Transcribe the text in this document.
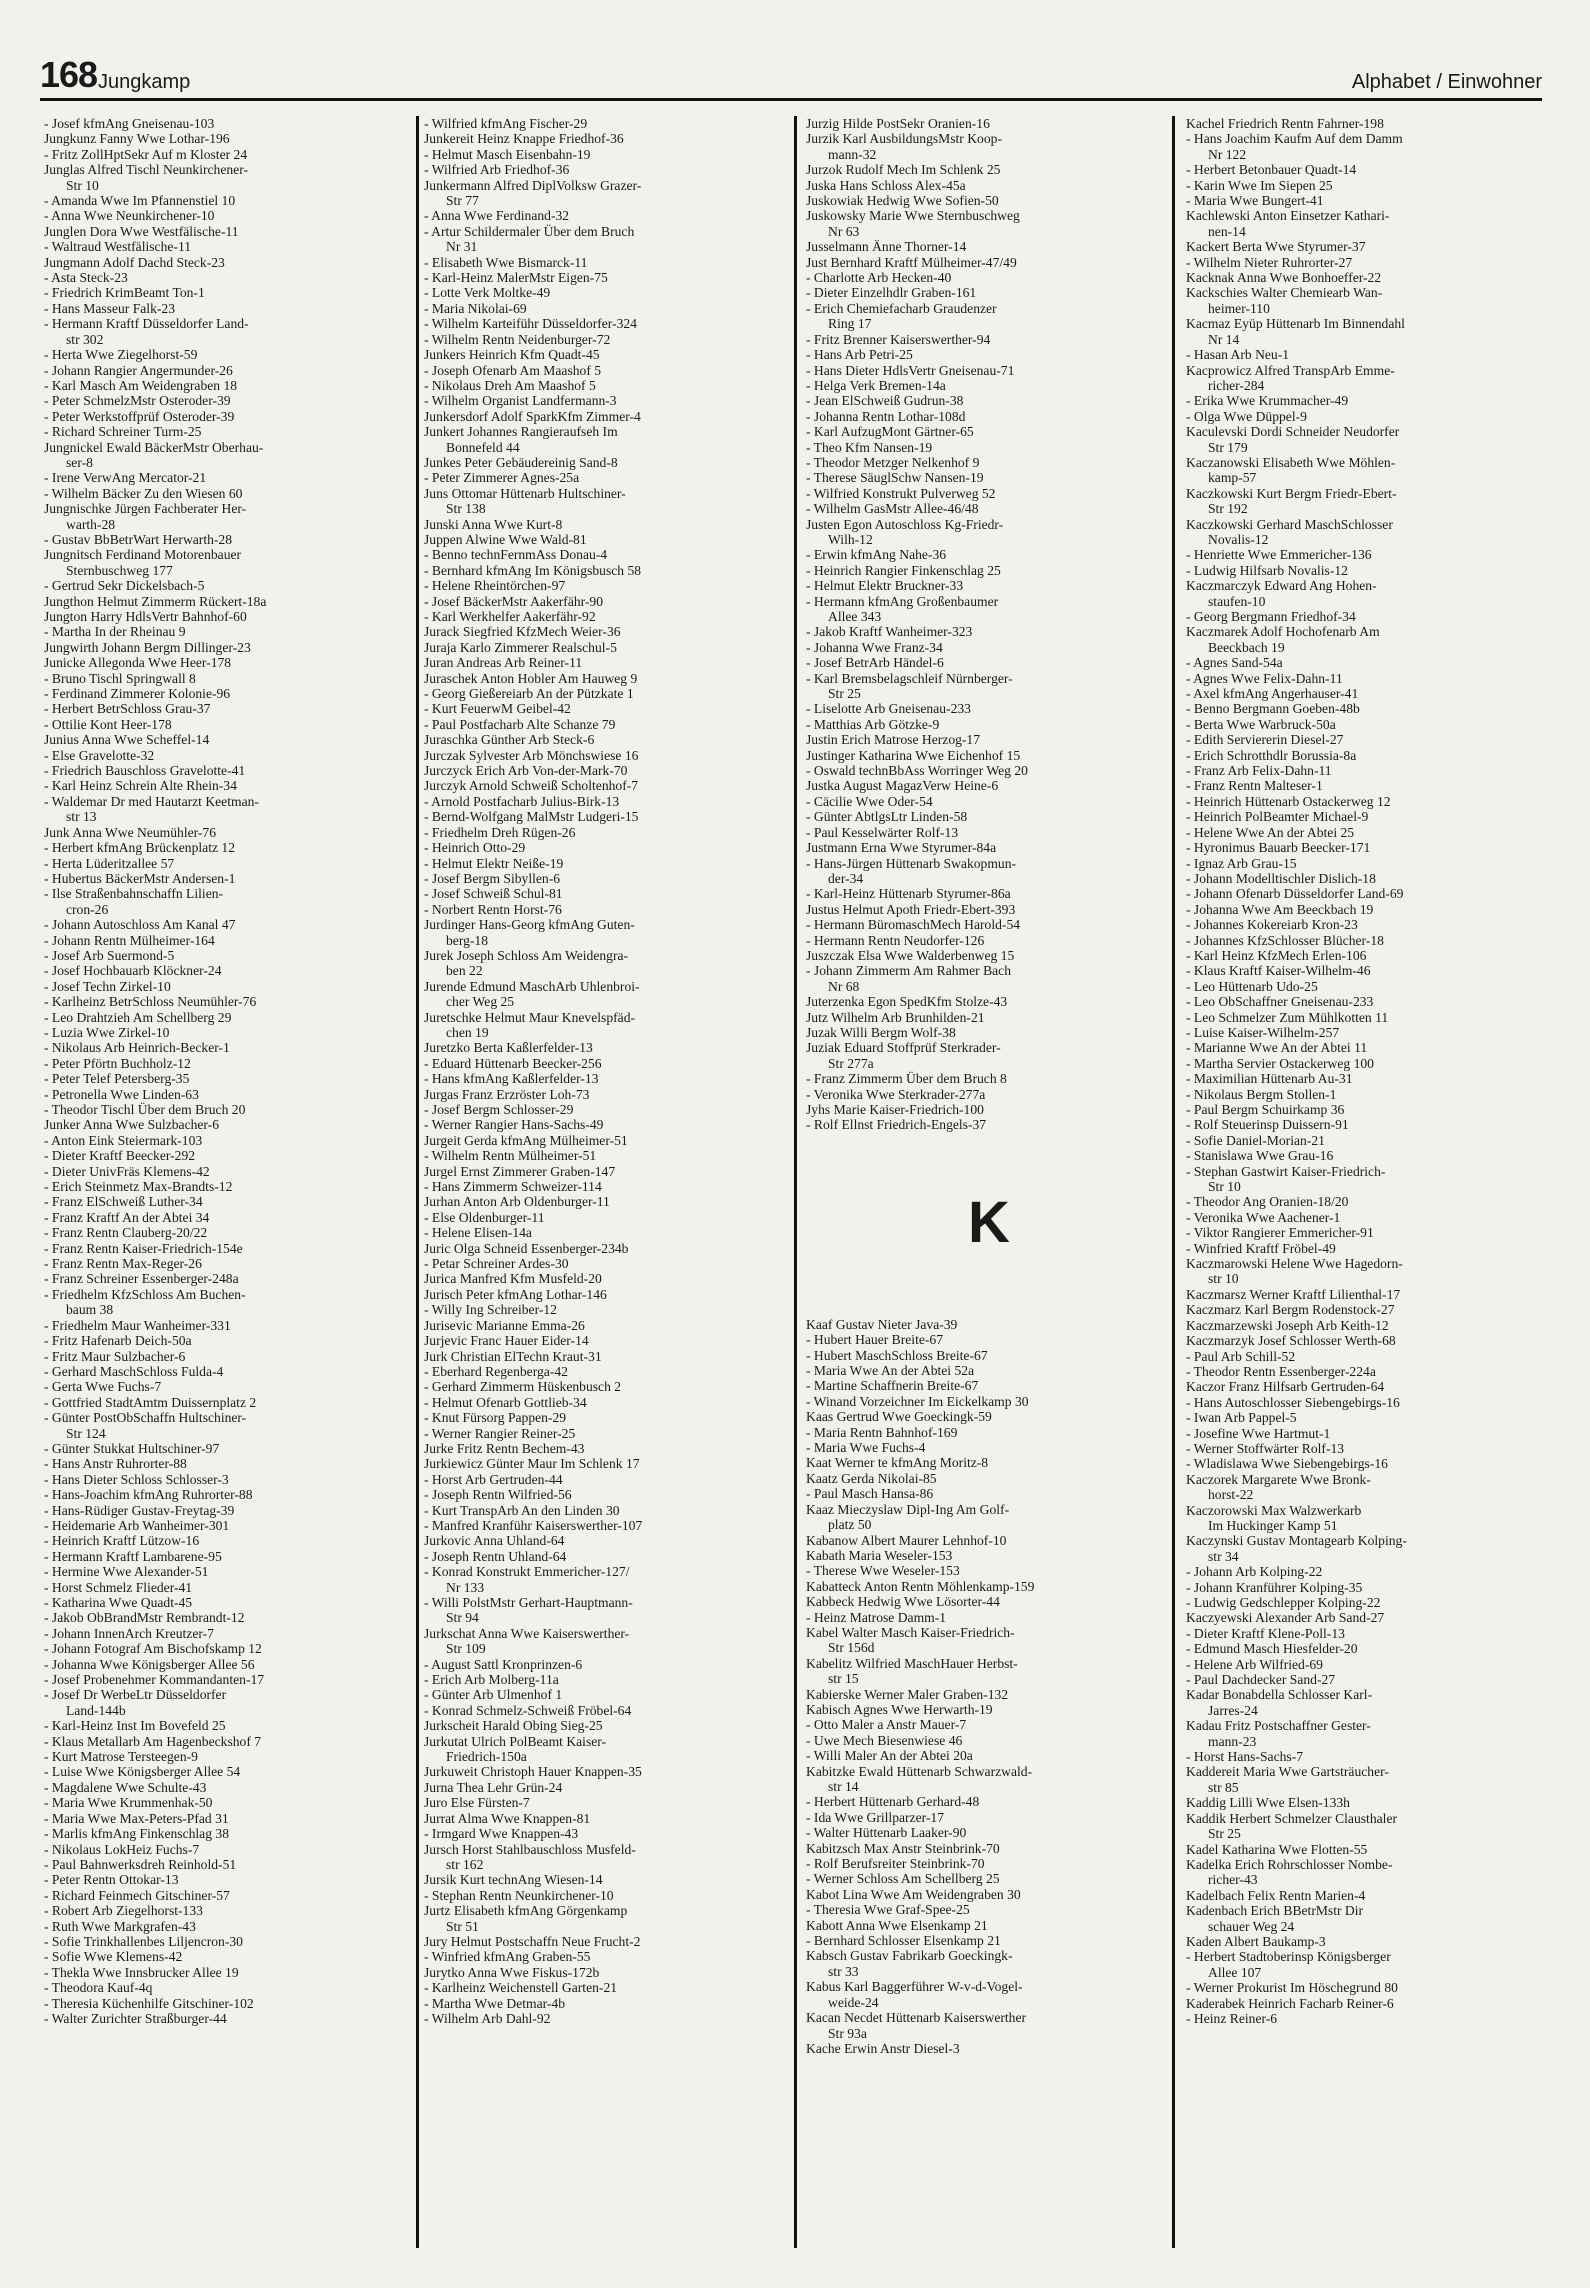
168 Jungkamp	Alphabet / Einwohner
- Josef kfmAng Gneisenau-103
Jungkunz Fanny Wwe Lothar-196
- Fritz ZollHptSekr Auf m Kloster 24
Junglas Alfred Tischl Neunkirchener-
Str 10
- Amanda Wwe Im Pfannenstiel 10
- Anna Wwe Neunkirchener-10
Junglen Dora Wwe Westfälische-11
- Waltraud Westfälische-11
Jungmann Adolf Dachd Steck-23
- Asta Steck-23
- Friedrich KrimBeamt Ton-1
- Hans Masseur Falk-23
- Hermann Kraftf Düsseldorfer Land-
str 302
- Herta Wwe Ziegelhorst-59
- Johann Rangier Angermunder-26
- Karl Masch Am Weidengraben 18
- Peter SchmelzMstr Osteroder-39
- Peter Werkstoffprüf Osteroder-39
- Richard Schreiner Turm-25
Jungnickel Ewald BäckerMstr Oberhau-
ser-8
- Irene VerwAng Mercator-21
- Wilhelm Bäcker Zu den Wiesen 60
Jungnischke Jürgen Fachberater Her-
warth-28
- Gustav BbBetrWart Herwarth-28
Jungnitsch Ferdinand Motorenbauer
Sternbuschweg 177
- Gertrud Sekr Dickelsbach-5
Jungthon Helmut Zimmerm Rückert-18a
Jungton Harry HdlsVertr Bahnhof-60
- Martha In der Rheinau 9
Jungwirth Johann Bergm Dillinger-23
Junicke Allegonda Wwe Heer-178
- Bruno Tischl Springwall 8
- Ferdinand Zimmerer Kolonie-96
- Herbert BetrSchloss Grau-37
- Ottilie Kont Heer-178
Junius Anna Wwe Scheffel-14
- Else Gravelotte-32
- Friedrich Bauschloss Gravelotte-41
- Karl Heinz Schrein Alte Rhein-34
- Waldemar Dr med Hautarzt Keetman-
str 13
Junk Anna Wwe Neumühler-76
- Herbert kfmAng Brückenplatz 12
- Herta Lüderitzallee 57
- Hubertus BäckerMstr Andersen-1
- Ilse Straßenbahnschaffn Lilien-
cron-26
- Johann Autoschloss Am Kanal 47
- Johann Rentn Mülheimer-164
- Josef Arb Suermond-5
- Josef Hochbauarb Klöckner-24
- Josef Techn Zirkel-10
- Karlheinz BetrSchloss Neumühler-76
- Leo Drahtzieh Am Schellberg 29
- Luzia Wwe Zirkel-10
- Nikolaus Arb Heinrich-Becker-1
- Peter Pförtn Buchholz-12
- Peter Telef Petersberg-35
- Petronella Wwe Linden-63
- Theodor Tischl Über dem Bruch 20
Junker Anna Wwe Sulzbacher-6
- Anton Eink Steiermark-103
- Dieter Kraftf Beecker-292
- Dieter UnivFräs Klemens-42
- Erich Steinmetz Max-Brandts-12
- Franz ElSchweiß Luther-34
- Franz Kraftf An der Abtei 34
- Franz Rentn Clauberg-20/22
- Franz Rentn Kaiser-Friedrich-154e
- Franz Rentn Max-Reger-26
- Franz Schreiner Essenberger-248a
- Friedhelm KfzSchloss Am Buchen-
baum 38
- Friedhelm Maur Wanheimer-331
- Fritz Hafenarb Deich-50a
- Fritz Maur Sulzbacher-6
- Gerhard MaschSchloss Fulda-4
- Gerta Wwe Fuchs-7
- Gottfried StadtAmtm Duissernplatz 2
- Günter PostObSchaffn Hultschiner-
Str 124
- Günter Stukkat Hultschiner-97
- Hans Anstr Ruhrorter-88
- Hans Dieter Schloss Schlosser-3
- Hans-Joachim kfmAng Ruhrorter-88
- Hans-Rüdiger Gustav-Freytag-39
- Heidemarie Arb Wanheimer-301
- Heinrich Kraftf Lützow-16
- Hermann Kraftf Lambarene-95
- Hermine Wwe Alexander-51
- Horst Schmelz Flieder-41
- Katharina Wwe Quadt-45
- Jakob ObBrandMstr Rembrandt-12
- Johann InnenArch Kreutzer-7
- Johann Fotograf Am Bischofskamp 12
- Johanna Wwe Königsberger Allee 56
- Josef Probenehmer Kommandanten-17
- Josef Dr WerbeLtr Düsseldorfer
Land-144b
- Karl-Heinz Inst Im Bovefeld 25
- Klaus Metallarb Am Hagenbeckshof 7
- Kurt Matrose Tersteegen-9
- Luise Wwe Königsberger Allee 54
- Magdalene Wwe Schulte-43
- Maria Wwe Krummenhak-50
- Maria Wwe Max-Peters-Pfad 31
- Marlis kfmAng Finkenschlag 38
- Nikolaus LokHeiz Fuchs-7
- Paul Bahnwerksdreh Reinhold-51
- Peter Rentn Ottokar-13
- Richard Feinmech Gitschiner-57
- Robert Arb Ziegelhorst-133
- Ruth Wwe Markgrafen-43
- Sofie Trinkhallenbes Liljencron-30
- Sofie Wwe Klemens-42
- Thekla Wwe Innsbrucker Allee 19
- Theodora Kauf-4q
- Theresia Küchenhilfe Gitschiner-102
- Walter Zurichter Straßburger-44
- Wilfried kfmAng Fischer-29
Junkereit Heinz Knappe Friedhof-36
- Helmut Masch Eisenbahn-19
- Wilfried Arb Friedhof-36
Junkermann Alfred DiplVolksw Grazer-
Str 77
- Anna Wwe Ferdinand-32
- Artur Schildermaler Über dem Bruch
Nr 31
- Elisabeth Wwe Bismarck-11
- Karl-Heinz MalerMstr Eigen-75
- Lotte Verk Moltke-49
- Maria Nikolai-69
- Wilhelm Karteiführ Düsseldorfer-324
- Wilhelm Rentn Neidenburger-72
Junkers Heinrich Kfm Quadt-45
- Joseph Ofenarb Am Maashof 5
- Nikolaus Dreh Am Maashof 5
- Wilhelm Organist Landfermann-3
Junkersdorf Adolf SparkKfm Zimmer-4
Junkert Johannes Rangieraufseh Im
Bonnefeld 44
Junkes Peter Gebäudereinig Sand-8
- Peter Zimmerer Agnes-25a
Juns Ottomar Hüttenarb Hultschiner-
Str 138
Junski Anna Wwe Kurt-8
Juppen Alwine Wwe Wald-81
- Benno technFernmAss Donau-4
- Bernhard kfmAng Im Königsbusch 58
- Helene Rheintörchen-97
- Josef BäckerMstr Aakerfähr-90
- Karl Werkhelfer Aakerfähr-92
Jurack Siegfried KfzMech Weier-36
Juraja Karlo Zimmerer Realschul-5
Juran Andreas Arb Reiner-11
Juraschek Anton Hobler Am Hauweg 9
- Georg Gießereiarb An der Pützkate 1
- Kurt FeuerwM Geibel-42
- Paul Postfacharb Alte Schanze 79
Juraschka Günther Arb Steck-6
Jurczak Sylvester Arb Mönchswiese 16
Jurczyck Erich Arb Von-der-Mark-70
Jurczyk Arnold Schweiß Scholtenhof-7
- Arnold Postfacharb Julius-Birk-13
- Bernd-Wolfgang MalMstr Ludgeri-15
- Friedhelm Dreh Rügen-26
- Heinrich Otto-29
- Helmut Elektr Neiße-19
- Josef Bergm Sibyllen-6
- Josef Schweiß Schul-81
- Norbert Rentn Horst-76
Jurdinger Hans-Georg kfmAng Guten-
berg-18
Jurek Joseph Schloss Am Weidengra-
ben 22
Jurende Edmund MaschArb Uhlenbroi-
cher Weg 25
Juretschke Helmut Maur Knevelspfäd-
chen 19
Juretzko Berta Kaßlerfelder-13
- Eduard Hüttenarb Beecker-256
- Hans kfmAng Kaßlerfelder-13
Jurgas Franz Erzröster Loh-73
- Josef Bergm Schlosser-29
- Werner Rangier Hans-Sachs-49
Jurgeit Gerda kfmAng Mülheimer-51
- Wilhelm Rentn Mülheimer-51
Jurgel Ernst Zimmerer Graben-147
- Hans Zimmerm Schweizer-114
Jurhan Anton Arb Oldenburger-11
- Else Oldenburger-11
- Helene Elisen-14a
Juric Olga Schneid Essenberger-234b
- Petar Schreiner Ardes-30
Jurica Manfred Kfm Musfeld-20
Jurisch Peter kfmAng Lothar-146
- Willy Ing Schreiber-12
Jurisevic Marianne Emma-26
Jurjevic Franc Hauer Eider-14
Jurk Christian ElTechn Kraut-31
- Eberhard Regenberga-42
- Gerhard Zimmerm Hüskenbusch 2
- Helmut Ofenarb Gottlieb-34
- Knut Fürsorg Pappen-29
- Werner Rangier Reiner-25
Jurke Fritz Rentn Bechem-43
Jurkiewicz Günter Maur Im Schlenk 17
- Horst Arb Gertruden-44
- Joseph Rentn Wilfried-56
- Kurt TranspArb An den Linden 30
- Manfred Kranführ Kaiserswerther-107
Jurkovic Anna Uhland-64
- Joseph Rentn Uhland-64
- Konrad Konstrukt Emmericher-127/
Nr 133
- Willi PolstMstr Gerhart-Hauptmann-
Str 94
Jurkschat Anna Wwe Kaiserswerther-
Str 109
- August Sattl Kronprinzen-6
- Erich Arb Molberg-11a
- Günter Arb Ulmenhof 1
- Konrad Schmelz-Schweiß Fröbel-64
Jurkscheit Harald Obing Sieg-25
Jurkutat Ulrich PolBeamt Kaiser-
Friedrich-150a
Jurkuweit Christoph Hauer Knappen-35
Jurna Thea Lehr Grün-24
Juro Else Fürsten-7
Jurrat Alma Wwe Knappen-81
- Irmgard Wwe Knappen-43
Jursch Horst Stahlbauschloss Musfeld-
str 162
Jursik Kurt technAng Wiesen-14
- Stephan Rentn Neunkirchener-10
Jurtz Elisabeth kfmAng Görgenkamp
Str 51
Jury Helmut Postschaffn Neue Frucht-2
- Winfried kfmAng Graben-55
Jurytko Anna Wwe Fiskus-172b
- Karlheinz Weichenstell Garten-21
- Martha Wwe Detmar-4b
- Wilhelm Arb Dahl-92
Jurzig Hilde PostSekr Oranien-16
Jurzik Karl AusbildungsMstr Koop-
mann-32
Jurzok Rudolf Mech Im Schlenk 25
Juska Hans Schloss Alex-45a
Juskowiak Hedwig Wwe Sofien-50
Juskowsky Marie Wwe Sternbuschweg
Nr 63
Jusselmann Änne Thorner-14
Just Bernhard Kraftf Mülheimer-47/49
- Charlotte Arb Hecken-40
- Dieter Einzelhdlr Graben-161
- Erich Chemiefacharb Graudenzer
Ring 17
- Fritz Brenner Kaiserswerther-94
- Hans Arb Petri-25
- Hans Dieter HdlsVertr Gneisenau-71
- Helga Verk Bremen-14a
- Jean ElSchweiß Gudrun-38
- Johanna Rentn Lothar-108d
- Karl AufzugMont Gärtner-65
- Theo Kfm Nansen-19
- Theodor Metzger Nelkenhof 9
- Therese SäuglSchw Nansen-19
- Wilfried Konstrukt Pulverweg 52
- Wilhelm GasMstr Allee-46/48
Justen Egon Autoschloss Kg-Friedr-
Wilh-12
- Erwin kfmAng Nahe-36
- Heinrich Rangier Finkenschlag 25
- Helmut Elektr Bruckner-33
- Hermann kfmAng Großenbaumer
Allee 343
- Jakob Kraftf Wanheimer-323
- Johanna Wwe Franz-34
- Josef BetrArb Händel-6
- Karl Bremsbelagschleif Nürnberger-
Str 25
- Liselotte Arb Gneisenau-233
- Matthias Arb Götzke-9
Justin Erich Matrose Herzog-17
Justinger Katharina Wwe Eichenhof 15
- Oswald technBbAss Worringer Weg 20
Justka August MagazVerw Heine-6
- Cäcilie Wwe Oder-54
- Günter AbtlgsLtr Linden-58
- Paul Kesselwärter Rolf-13
Justmann Erna Wwe Styrumer-84a
- Hans-Jürgen Hüttenarb Swakopmun-
der-34
- Karl-Heinz Hüttenarb Styrumer-86a
Justus Helmut Apoth Friedr-Ebert-393
- Hermann BüromaschMech Harold-54
- Hermann Rentn Neudorfer-126
Juszczak Elsa Wwe Walderbenweg 15
- Johann Zimmerm Am Rahmer Bach
Nr 68
Juterzenka Egon SpedKfm Stolze-43
Jutz Wilhelm Arb Brunhilden-21
Juzak Willi Bergm Wolf-38
Juziak Eduard Stoffprüf Sterkrader-
Str 277a
- Franz Zimmerm Über dem Bruch 8
- Veronika Wwe Sterkrader-277a
Jyhs Marie Kaiser-Friedrich-100
- Rolf Ellnst Friedrich-Engels-37
K
Kaaf Gustav Nieter Java-39
- Hubert Hauer Breite-67
- Hubert MaschSchloss Breite-67
- Maria Wwe An der Abtei 52a
- Martine Schaffnerin Breite-67
- Winand Vorzeichner Im Eickelkamp 30
Kaas Gertrud Wwe Goeckingk-59
- Maria Rentn Bahnhof-169
- Maria Wwe Fuchs-4
Kaat Werner te kfmAng Moritz-8
Kaatz Gerda Nikolai-85
- Paul Masch Hansa-86
Kaaz Mieczyslaw Dipl-Ing Am Golf-
platz 50
Kabanow Albert Maurer Lehnhof-10
Kabath Maria Weseler-153
- Therese Wwe Weseler-153
Kabatteck Anton Rentn Möhlenkamp-159
Kabbeck Hedwig Wwe Lösorter-44
- Heinz Matrose Damm-1
Kabel Walter Masch Kaiser-Friedrich-
Str 156d
Kabelitz Wilfried MaschHauer Herbst-
str 15
Kabierske Werner Maler Graben-132
Kabisch Agnes Wwe Herwarth-19
- Otto Maler a Anstr Mauer-7
- Uwe Mech Biesenwiese 46
- Willi Maler An der Abtei 20a
Kabitzke Ewald Hüttenarb Schwarzwald-
str 14
- Herbert Hüttenarb Gerhard-48
- Ida Wwe Grillparzer-17
- Walter Hüttenarb Laaker-90
Kabitzsch Max Anstr Steinbrink-70
- Rolf Berufsreiter Steinbrink-70
- Werner Schloss Am Schellberg 25
Kabot Lina Wwe Am Weidengraben 30
- Theresia Wwe Graf-Spee-25
Kabott Anna Wwe Elsenkamp 21
- Bernhard Schlosser Elsenkamp 21
Kabsch Gustav Fabrikarb Goeckingk-
str 33
Kabus Karl Baggerführer W-v-d-Vogel-
weide-24
Kacan Necdet Hüttenarb Kaiserswerther
Str 93a
Kache Erwin Anstr Diesel-3
Kachel Friedrich Rentn Fahrner-198
- Hans Joachim Kaufm Auf dem Damm
Nr 122
- Herbert Betonbauer Quadt-14
- Karin Wwe Im Siepen 25
- Maria Wwe Bungert-41
Kachlewski Anton Einsetzer Kathari-
nen-14
Kackert Berta Wwe Styrumer-37
- Wilhelm Nieter Ruhrorter-27
Kacknak Anna Wwe Bonhoeffer-22
Kackschies Walter Chemiearb Wan-
heimer-110
Kacmaz Eyüp Hüttenarb Im Binnendahl
Nr 14
- Hasan Arb Neu-1
Kacprowicz Alfred TranspArb Emme-
richer-284
- Erika Wwe Krummacher-49
- Olga Wwe Düppel-9
Kaculevski Dordi Schneider Neudorfer
Str 179
Kaczanowski Elisabeth Wwe Möhlen-
kamp-57
Kaczkowski Kurt Bergm Friedr-Ebert-
Str 192
Kaczkowski Gerhard MaschSchlosser
Novalis-12
- Henriette Wwe Emmericher-136
- Ludwig Hilfsarb Novalis-12
Kaczmarczyk Edward Ang Hohen-
staufen-10
- Georg Bergmann Friedhof-34
Kaczmarek Adolf Hochofenarb Am
Beeckbach 19
- Agnes Sand-54a
- Agnes Wwe Felix-Dahn-11
- Axel kfmAng Angerhauser-41
- Benno Bergmann Goeben-48b
- Berta Wwe Warbruck-50a
- Edith Serviererin Diesel-27
- Erich Schrotthdlr Borussia-8a
- Franz Arb Felix-Dahn-11
- Franz Rentn Malteser-1
- Heinrich Hüttenarb Ostackerweg 12
- Heinrich PolBeamter Michael-9
- Helene Wwe An der Abtei 25
- Hyronimus Bauarb Beecker-171
- Ignaz Arb Grau-15
- Johann Modelltischler Dislich-18
- Johann Ofenarb Düsseldorfer Land-69
- Johanna Wwe Am Beeckbach 19
- Johannes Kokereiarb Kron-23
- Johannes KfzSchlosser Blücher-18
- Karl Heinz KfzMech Erlen-106
- Klaus Kraftf Kaiser-Wilhelm-46
- Leo Hüttenarb Udo-25
- Leo ObSchaffner Gneisenau-233
- Leo Schmelzer Zum Mühlkotten 11
- Luise Kaiser-Wilhelm-257
- Marianne Wwe An der Abtei 11
- Martha Servier Ostackerweg 100
- Maximilian Hüttenarb Au-31
- Nikolaus Bergm Stollen-1
- Paul Bergm Schuirkamp 36
- Rolf Steuerinsp Duissern-91
- Sofie Daniel-Morian-21
- Stanislawa Wwe Grau-16
- Stephan Gastwirt Kaiser-Friedrich-
Str 10
- Theodor Ang Oranien-18/20
- Veronika Wwe Aachener-1
- Viktor Rangierer Emmericher-91
- Winfried Kraftf Fröbel-49
Kaczmarowski Helene Wwe Hagedorn-
str 10
Kaczmarsz Werner Kraftf Lilienthal-17
Kaczmarz Karl Bergm Rodenstock-27
Kaczmarzewski Joseph Arb Keith-12
Kaczmarzyk Josef Schlosser Werth-68
- Paul Arb Schill-52
- Theodor Rentn Essenberger-224a
Kaczor Franz Hilfsarb Gertruden-64
- Hans Autoschlosser Siebengebirgs-16
- Iwan Arb Pappel-5
- Josefine Wwe Hartmut-1
- Werner Stoffwärter Rolf-13
- Wladislawa Wwe Siebengebirgs-16
Kaczorek Margarete Wwe Bronk-
horst-22
Kaczorowski Max Walzwerkarb
Im Huckinger Kamp 51
Kaczynski Gustav Montagearb Kolping-
str 34
- Johann Arb Kolping-22
- Johann Kranführer Kolping-35
- Ludwig Gedschlepper Kolping-22
Kaczyewski Alexander Arb Sand-27
- Dieter Kraftf Klene-Poll-13
- Edmund Masch Hiesfelder-20
- Helene Arb Wilfried-69
- Paul Dachdecker Sand-27
Kadar Bonabdella Schlosser Karl-
Jarres-24
Kadau Fritz Postschaffner Gester-
mann-23
- Horst Hans-Sachs-7
Kaddereit Maria Wwe Gartsträucher-
str 85
Kaddig Lilli Wwe Elsen-133h
Kaddik Herbert Schmelzer Clausthaler
Str 25
Kadel Katharina Wwe Flotten-55
Kadelka Erich Rohrschlosser Nombe-
richer-43
Kadelbach Felix Rentn Marien-4
Kadenbach Erich BBetrMstr Dir
schauer Weg 24
Kaden Albert Baukamp-3
- Herbert Stadtoberinsp Königsberger
Allee 107
- Werner Prokurist Im Höschegrund 80
Kaderabek Heinrich Facharb Reiner-6
- Heinz Reiner-6
